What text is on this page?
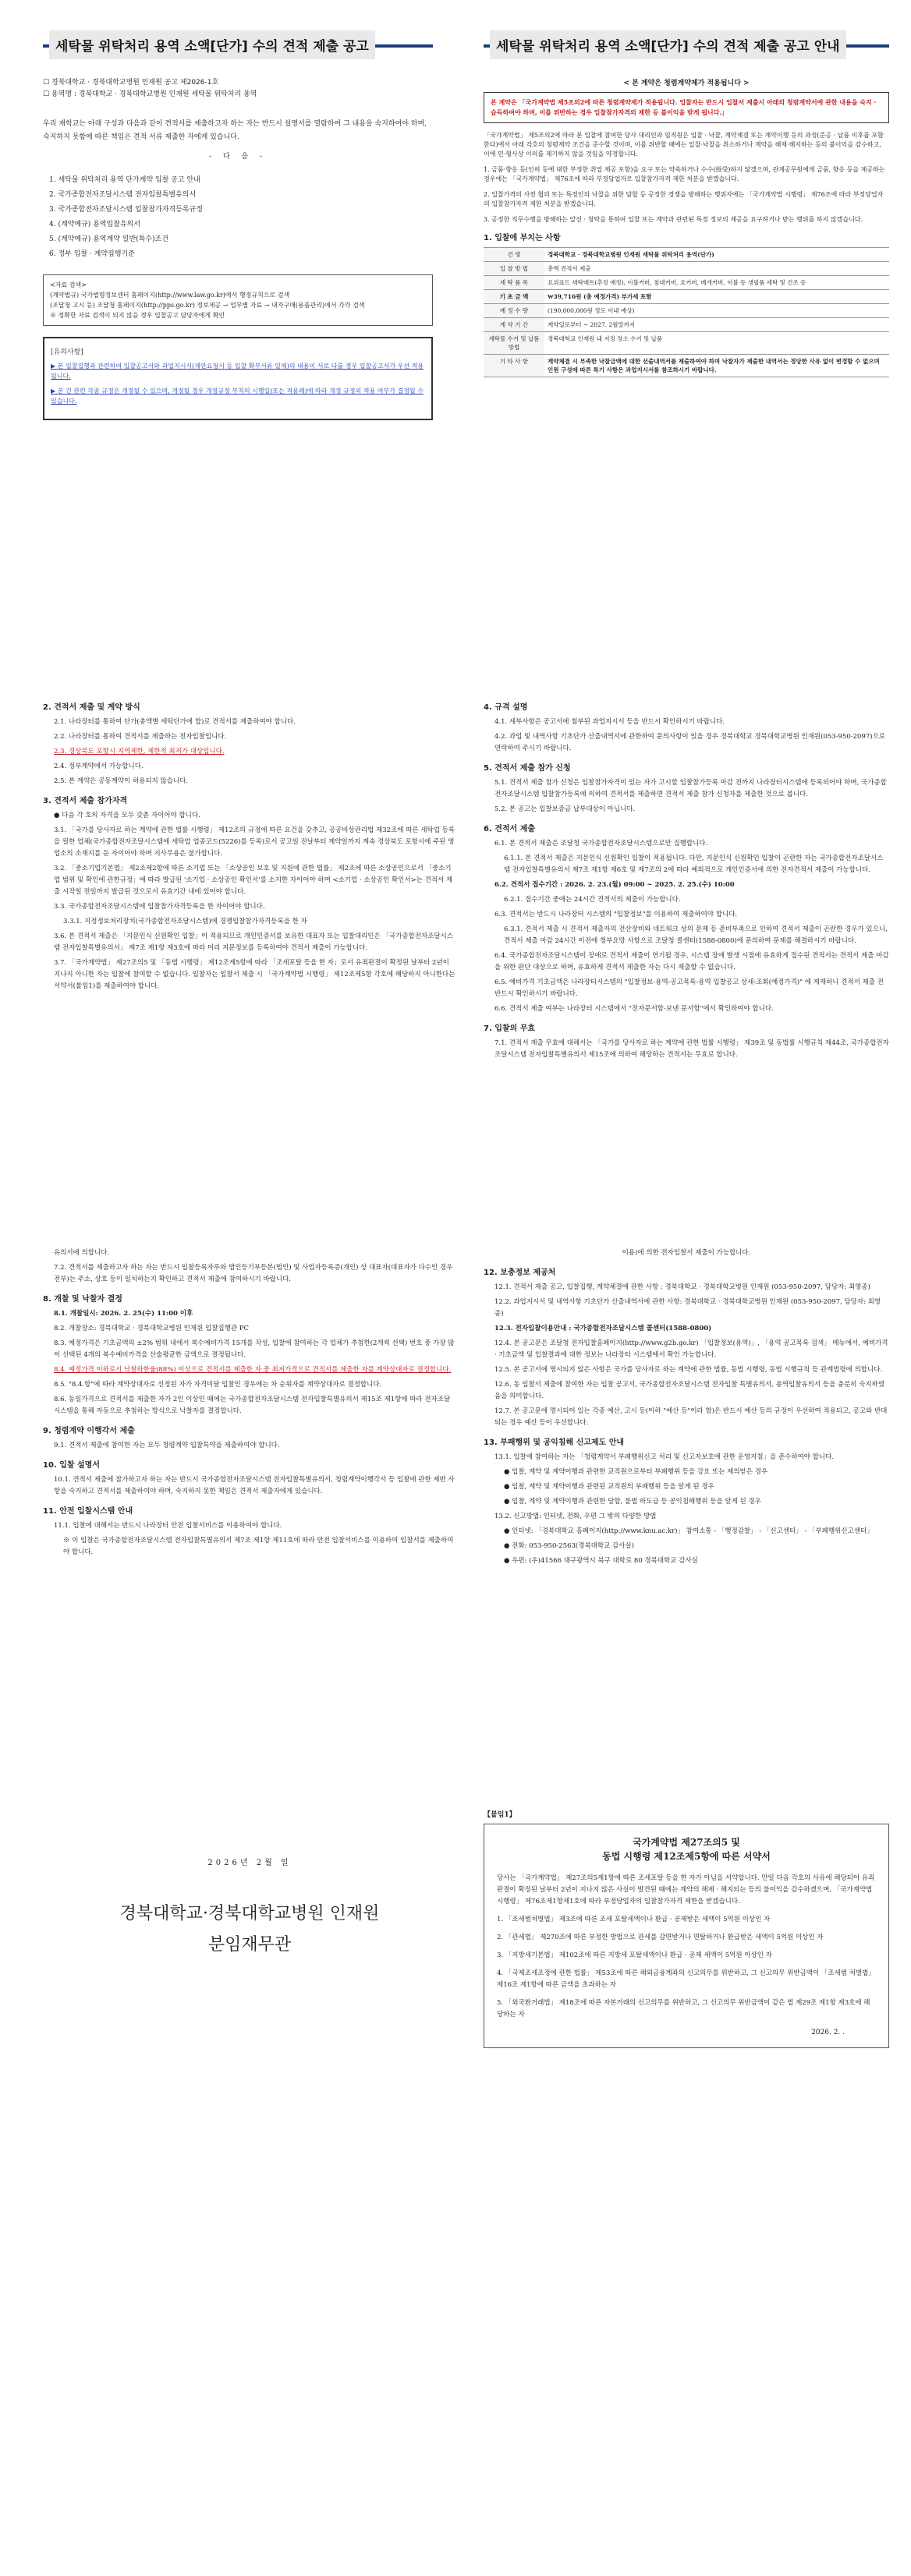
세탁물 위탁처리 용역 소액[단가] 수의 견적 제출 공고
☐ 경북대학교 · 경북대학교병원 인재원 공고 제2026-1호
☐ 용역명 : 경북대학교 · 경북대학교병원 인재원 세탁물 위탁처리 용역
우리 재학교는 아래 구성과 다음과 같이 견적서를 제출하고자 하는 자는 반드시 설명서를 열람하여 그 내용을 숙지하여야 하며, 숙지하지 못함에 따른 책임은 견적 서류 제출한 자에게 있습니다.
- 다 음 -
1. 세탁물 위탁처리 용역 단가계약 입찰 공고 안내
2. 국가종합전자조달시스템 전자입찰특별유의서
3. 국가종합전자조달시스템 입찰참가자격등록규정
4. (계약예규) 용역입찰유의서
5. (계약예규) 용역계약 일반(특수)조건
6. 정부 입찰 · 계약집행기준
<자료 검색>
(계약법규) 국가법령정보센터 홈페이지(http://www.law.go.kr)에서 행정규칙으로 검색
(조달청 고시 등) 조달청 홈페이지(http://pps.go.kr) 정보제공 → 업무별 자료 → 내자구매(용품관리)에서 각각 검색
※ 정확한 자료 검색이 되지 않을 경우 입찰공고 담당자에게 확인
[유의사항]
▶ 본 입찰집행과 관련하여 입찰공고서와 과업지시서(제안요청서 등 입찰 확부서류 일체)의 내용이 서로 다를 경우 입찰공고서가 우선 적용됩니다.
▶ 본 건 관련 각종 규정은 개정될 수 있으며, 개정될 경우 개정규정 부칙의 시행일(또는 적용례)에 따라 개정 규정의 적용 여부가 결정될 수 있습니다.
세탁물 위탁처리 용역 소액[단가] 수의 견적 제출 공고 안내
< 본 계약은 청렴계약제가 적용됩니다 >
본 계약은 「국가계약법 제5조의2에 따른 청렴계약제가 적용됩니다. 입찰자는 반드시 입찰서 제출시 아래의 청렴계약서에 관한 내용을 숙지 · 습득하여야 하며, 이를 위반하는 경우 입찰참가자격의 제한 등 불이익을 받게 됩니다.」
「국가계약법」 제5조의2에 따라 본 입찰에 참여한 당사 대리인과 임직원은 입찰 · 낙찰, 계약체결 또는 계약이행 등의 과정(준공 · 납품 이후를 포함한다)에서 아래 각호의 청렴계약 조건을 준수할 것이며, 이를 위반할 때에는 입찰·낙찰을 취소하거나 계약을 해제·해지하는 등의 불이익을 감수하고, 이에 민·형사상 이의를 제기하지 않을 것임을 약정합니다.
1. 금품·향응 등(인허 등에 대한 부정한 취업 제공 포함)을 요구 또는 약속하거나 수수(授受)하지 않겠으며, 관계공무원에게 금품, 향응 등을 제공하는 경우에는 「국가계약법」 제76조에 따라 부정당업자로 입찰참가자격 제한 처분을 받겠습니다.
2. 입찰가격의 사전 협의 또는 특정인의 낙찰을 위한 담합 등 공정한 경쟁을 방해하는 행위자에는 「국가계약법 시행령」 제76조에 따라 부정당업자의 입찰참가자격 제한 처분을 받겠습니다.
3. 공정한 직무수행을 방해하는 알선 · 청탁을 통하여 입찰 또는 계약과 관련된 특정 정보의 제공을 요구하거나 받는 행위를 하지 않겠습니다.
1. 입찰에 부치는 사항
건 명	경북대학교 · 경북대학교병원 인재원 세탁물 위탁처리 용역(단가)
입 찰 방 법	총액 견적서 제출
세 탁 품 목	요위표드 세탁매트(추정 예정), 이불커버, 침대커버, 요커버, 베개커버, 이불 등 생필품 세탁 및 건조 등
기 초 금 액	₩39,716원 (총 예정가격) 부가세 포함
예 정 수 량	(190,000,000원 정도 이내 예상)
계 약 기 간	계약일로부터 ~ 2027. 2월말까지
세탁물 수거 및 납품방법	경북대학교 인재원 내 지정 장소 수거 및 납품
기 타 사 항	계약체결 시 부족한 낙찰금액에 대한 선출내역서를 제출하여야 하며 낙찰자가 제출한 내역서는 정당한 사유 없이 변경할 수 없으며 인원 구성에 따른 특기 사항은 과업지시서를 참조하시기 바랍니다.
2. 견적서 제출 및 계약 방식
2.1. 나라장터를 통하여 단가(총액별 세탁단가에 합)로 견적서를 제출하여야 합니다.
2.2. 나라장터를 통하여 견적서를 제출하는 전자입찰입니다.
2.3. 경상북도 포항시 지역제한, 제한적 최저가 대상입니다.
2.4. 정부계약에서 가능합니다.
2.5. 본 계약은 공동계약이 허용되지 않습니다.
3. 견적서 제출 참가자격
● 다음 각 호의 자격을 모두 갖춘 자이어야 합니다.
3.1. 「국가를 당사자로 하는 계약에 관한 법률 시행령」 제12조의 규정에 따른 요건을 갖추고, 공공비상관리법 제32조에 따른 세탁업 등록을 필한 업체(국가종합전자조달시스템에 세탁업 업종코드(5226)를 등록)로서 공고일 전날부터 계약일까지 계속 경상북도 포항시에 주된 영업소의 소재지를 둔 자이어야 하며 지사무용은 불가합니다.
3.2. 「중소기업기본법」 제2조제2항에 따른 소기업 또는 「소상공인 보호 및 지원에 관한 법률」 제2조에 따른 소상공인으로서 「중소기업 범위 및 확인에 관한규정」에 따라 발급된 '소기업 · 소상공인 확인서'를 소지한 자이어야 하며 <소기업 · 소상공인 확인서>는 견적서 제출 시작일 전일까지 발급된 것으로서 유효기간 내에 있어야 합니다.
3.3. 국가종합전자조달시스템에 입찰참가자격등록을 한 자이어야 합니다.
3.3.1. 지정정보처리장치(국가종합전자조달시스템)에 경쟁입찰참가자격등록을 한 자
3.6. 본 견적서 제출은 「지문인식 신원확인 입찰」이 적용되므로 개인인증서를 보유한 대표자 또는 입찰대리인은 「국가종합전자조달시스템 전자입찰특별유의서」 제7조 제1항 제3호에 따라 미리 지문정보를 등록하여야 견적서 제출이 가능합니다.
3.7. 「국가계약법」 제27조의5 및 「동법 시행령」 제12조제5항에 따라 「조세포탈 등을 한 자」로서 유죄판결이 확정된 날부터 2년이 지나지 아니한 자는 입찰에 참여할 수 없습니다. 입찰자는 입찰서 제출 시 「국가계약법 시행령」 제12조제5항 각호에 해당하지 아니한다는 서약서(붙임1)를 제출하여야 합니다.
4. 규격 설명
4.1. 세부사항은 공고서에 첨부된 과업지시서 등을 반드시 확인하시기 바랍니다.
4.2. 과업 및 내역사항 기초단가 산출내역서에 관한하여 문의사항이 있을 경우 경북대학교 경북대학교병원 인재원(053-950-2097)으로 연락하여 주시기 바랍니다.
5. 견적서 제출 참가 신청
5.1. 견적서 제출 참가 신청은 입찰참가자격이 있는 자가 고시할 입찰참가등록 마감 전까지 나라장터시스템에 등록되어야 하며, 국가종합전자조달시스템 입찰참가등록에 의하여 견적서를 제출하면 견적서 제출 참가 신청자를 제출한 것으로 봅니다.
5.2. 본 공고는 입찰보증금 납부대상이 아닙니다.
6. 견적서 제출
6.1. 본 견적서 제출은 조달청 국가종합전자조달시스템으로만 집행합니다.
6.1.1. 본 견적서 제출은 지문인식 신원확인 입찰이 적용됩니다. 다만, 지문인식 신원확인 입찰이 곤란한 자는 국가종합전자조달시스템 전자입찰특별유의서 제7조 제1항 제6호 및 제7조의 2에 따라 예외적으로 개인인증서에 의한 전자견적서 제출이 가능합니다.
6.2. 견적서 접수기간 : 2026. 2. 23.(월) 09:00 ~ 2025. 2. 25.(수) 10:00
6.2.1. 접수기간 중에는 24시간 견적서의 제출이 가능합니다.
6.3. 견적서는 반드시 나라장터 시스템의 "입찰정보"를 이용하여 제출하여야 합니다.
6.3.1. 견적서 제출 시 견적서 제출자의 전산장비와 네트워크 상의 문제 등 준비부족으로 인하여 견적서 제출이 곤란한 경우가 있으니, 견적서 제출 마감 24시간 이전에 청부요망 사항으로 조달청 콜센터(1588-0800)에 문의하여 문제를 해결하시기 바랍니다.
6.4. 국가종합전자조달시스템이 장애로 견적서 제출이 연기될 경우, 시스템 장애 발생 시점에 유효하게 접수된 견적서는 견적서 제출 마감을 위한 판단 대상으로 하며, 유효하게 견적서 제출한 자는 다시 제출할 수 없습니다.
6.5. 예비가격 기초금액은 나라장터시스템의 "입찰정보-용역-공고목록-용역 입찰공고 상세-조회(예정가격)" 에 게재하니 견적서 제출 전 반드시 확인하시기 바랍니다.
6.6. 견적서 제출 여부는 나라장터 시스템에서 "전자문서함-보낸 문서함"에서 확인하여야 합니다.
7. 입찰의 무효
7.1. 견적서 제출 무효에 대해서는 「국가를 당사자로 하는 계약에 관한 법률 시행령」 제39조 및 동법률 시행규칙 제44조, 국가종합전자조달시스템 전자입찰특별유의서 제15조에 의하여 해당하는 견적서는 무효로 합니다.
유의서에 의합니다.
7.2. 견적서를 제출하고자 하는 자는 반드시 입찰등록자루와 법인등기부등본(법인) 및 사업자등록증(개인) 상 대표자(대표자가 다수인 경우 전부)는 주소, 상호 등이 일치하는지 확인하고 견적서 제출에 참여하시기 바랍니다.
8. 개찰 및 낙찰자 결정
8.1. 개찰일시: 2026. 2. 25(수) 11:00 이후
8.2. 개찰장소: 경북대학교 · 경북대학교병원 인재원 입찰집행관 PC
8.3. 예정가격은 기초금액의 ±2% 범위 내에서 복수예비가격 15개를 작성, 입찰에 참여하는 각 업체가 추첨한(2개씩 선택) 번호 중 가장 많이 선택된 4개의 복수예비가격을 산술평균한 금액으로 결정됩니다.
8.4. 예정가격 이하로서 낙찰하한율(88%) 이상으로 견적서를 제출한 자 중 최저가격으로 견적서를 제출한 자를 계약상대자로 결정합니다.
8.5. "8.4.항"에 따라 계약상대자로 선정된 자가 자격미달 입찰인 경우에는 차 순위자를 계약상대자로 결정합니다.
8.6. 동일가격으로 견적서를 제출한 자가 2인 이상인 때에는 국가종합전자조달시스템 전자입찰특별유의서 제15조 제1항에 따라 전자조달시스템을 통해 자동으로 추첨하는 방식으로 낙찰자를 결정합니다.
9. 청렴계약 이행각서 제출
9.1. 견적서 제출에 참여한 자는 모두 청렴계약 입찰특약을 제출하여야 합니다.
10. 입찰 설명서
10.1. 견적서 제출에 참가하고자 하는 자는 반드시 국가종합전자조달시스템 전자입찰특별유의서, 청렴계약이행각서 등 입찰에 관한 제반 사항을 숙지하고 견적서를 제출하여야 하며, 숙지하지 못한 책임은 견적서 제출자에게 있습니다.
11. 안전 입찰시스템 안내
11.1. 입찰에 대해서는 반드시 나라장터 안전 입찰서비스를 이용하여야 합니다.
※ 이 입찰은 국가종합전자조달시스템 전자입찰특별유의서 제7조 제1항 제11호에 따라 안전 입찰서비스를 이용하여 입찰서를 제출하여야 합니다.
이용)에 의한 전자입찰서 제출이 가능합니다.
12. 보충정보 제공처
12.1. 견적서 제출 공고, 입찰집행, 계약체결에 관한 사항 : 경북대학교 · 경북대학교병원 인재원 (053-950-2097, 담당자: 최영종)
12.2. 과업지시서 및 내역사항 기초단가 산출내역서에 관한 사항: 경북대학교 · 경북대학교병원 인재원 (053-950-2097, 담당자: 최영종)
12.3. 전자입찰이용안내 : 국가종합전자조달시스템 콜센터(1588-0800)
12.4. 본 공고문은 조달청 전자입찰홈페이지(http://www.g2b.go.kr) 「입찰정보(용역)」, 「용역 공고목록 검색」 메뉴에서, 예비가격 · 기초금액 및 입찰결과에 대한 정보는 나라장터 시스템에서 확인 가능합니다.
12.5. 본 공고서에 명시되지 않은 사항은 국가를 당사자로 하는 계약에 관한 법률, 동법 시행령, 동법 시행규칙 등 관계법령에 의합니다.
12.6. 동 입찰서 제출에 참여한 자는 입찰 공고서, 국가종합전자조달시스템 전자입찰 특별유의서, 용역입찰유의서 등을 충분히 숙지하였음을 의미합니다.
12.7. 본 공고문에 명시되어 있는 각종 예산, 고시 등(이하 "예산 등"이라 함)은 반드시 예산 등의 규정이 우선하여 적용되고, 공고와 반대되는 경우 예산 등이 우선합니다.
13. 부패행위 및 공익침해 신고제도 안내
13.1. 입찰에 참여하는 자는 「청렴계약서 부패행위신고 처리 및 신고자보호에 관한 운영지침」을 준수하여야 합니다.
● 입찰, 계약 및 계약이행과 관련한 교직원으로부터 부패행위 등을 강요 또는 제의받은 경우
● 입찰, 계약 및 계약이행과 관련된 교직원의 부패행위 등을 알게 된 경우
● 입찰, 계약 및 계약이행과 관련한 담합, 불법 하도급 등 공익침해행위 등을 알게 된 경우
13.2. 신고방법: 인터넷, 전화, 우편 그 밖의 다양한 방법
● 인터넷: 「경북대학교 홈페이지(http://www.knu.ac.kr)」 참여소통 - 「행정감찰」 - 「신고센터」 - 「부패행위신고센터」
● 전화: 053-950-2563(경북대학교 감사실)
● 우편: (우)41566 대구광역시 북구 대학로 80 경북대학교 감사실
2026년 2월 일
경북대학교·경북대학교병원 인재원
분임재무관
【붙임1】
국가계약법 제27조의5 및
동법 시행령 제12조제5항에 따른 서약서
당사는 「국가계약법」 제27조의5제1항에 따른 조세포탈 등을 한 자가 아님을 서약합니다. 만일 다음 각호의 사유에 해당되어 유죄판결이 확정된 날부터 2년이 지나지 않은 사실이 발견된 때에는 계약의 해제 · 해지되는 등의 불이익을 감수하겠으며, 「국가계약법 시행령」 제76조제1항제1호에 따라 부정당업자의 입찰참가자격 제한을 받겠습니다.
1. 「조세범처벌법」 제3조에 따른 조세 포탈세액이나 환급 · 공제받은 세액이 5억원 이상인 자
2. 「관세법」 제270조에 따른 부정한 방법으로 관세를 감면받거나 면탈하거나 환급받은 세액이 5억원 이상인 자
3. 「지방세기본법」 제102조에 따른 지방세 포탈세액이나 환급 · 공제 세액이 5억원 이상인 자
4. 「국제조세조정에 관한 법률」 제53조에 따른 해외금융계좌의 신고의무를 위반하고, 그 신고의무 위반금액이 「조세범 처벌법」 제16조 제1항에 따른 금액을 초과하는 자
5. 「외국환거래법」 제18조에 따른 자본거래의 신고의무를 위반하고, 그 신고의무 위반금액이 같은 법 제29조 제1항 제3호에 해당하는 자
2026. 2. .
